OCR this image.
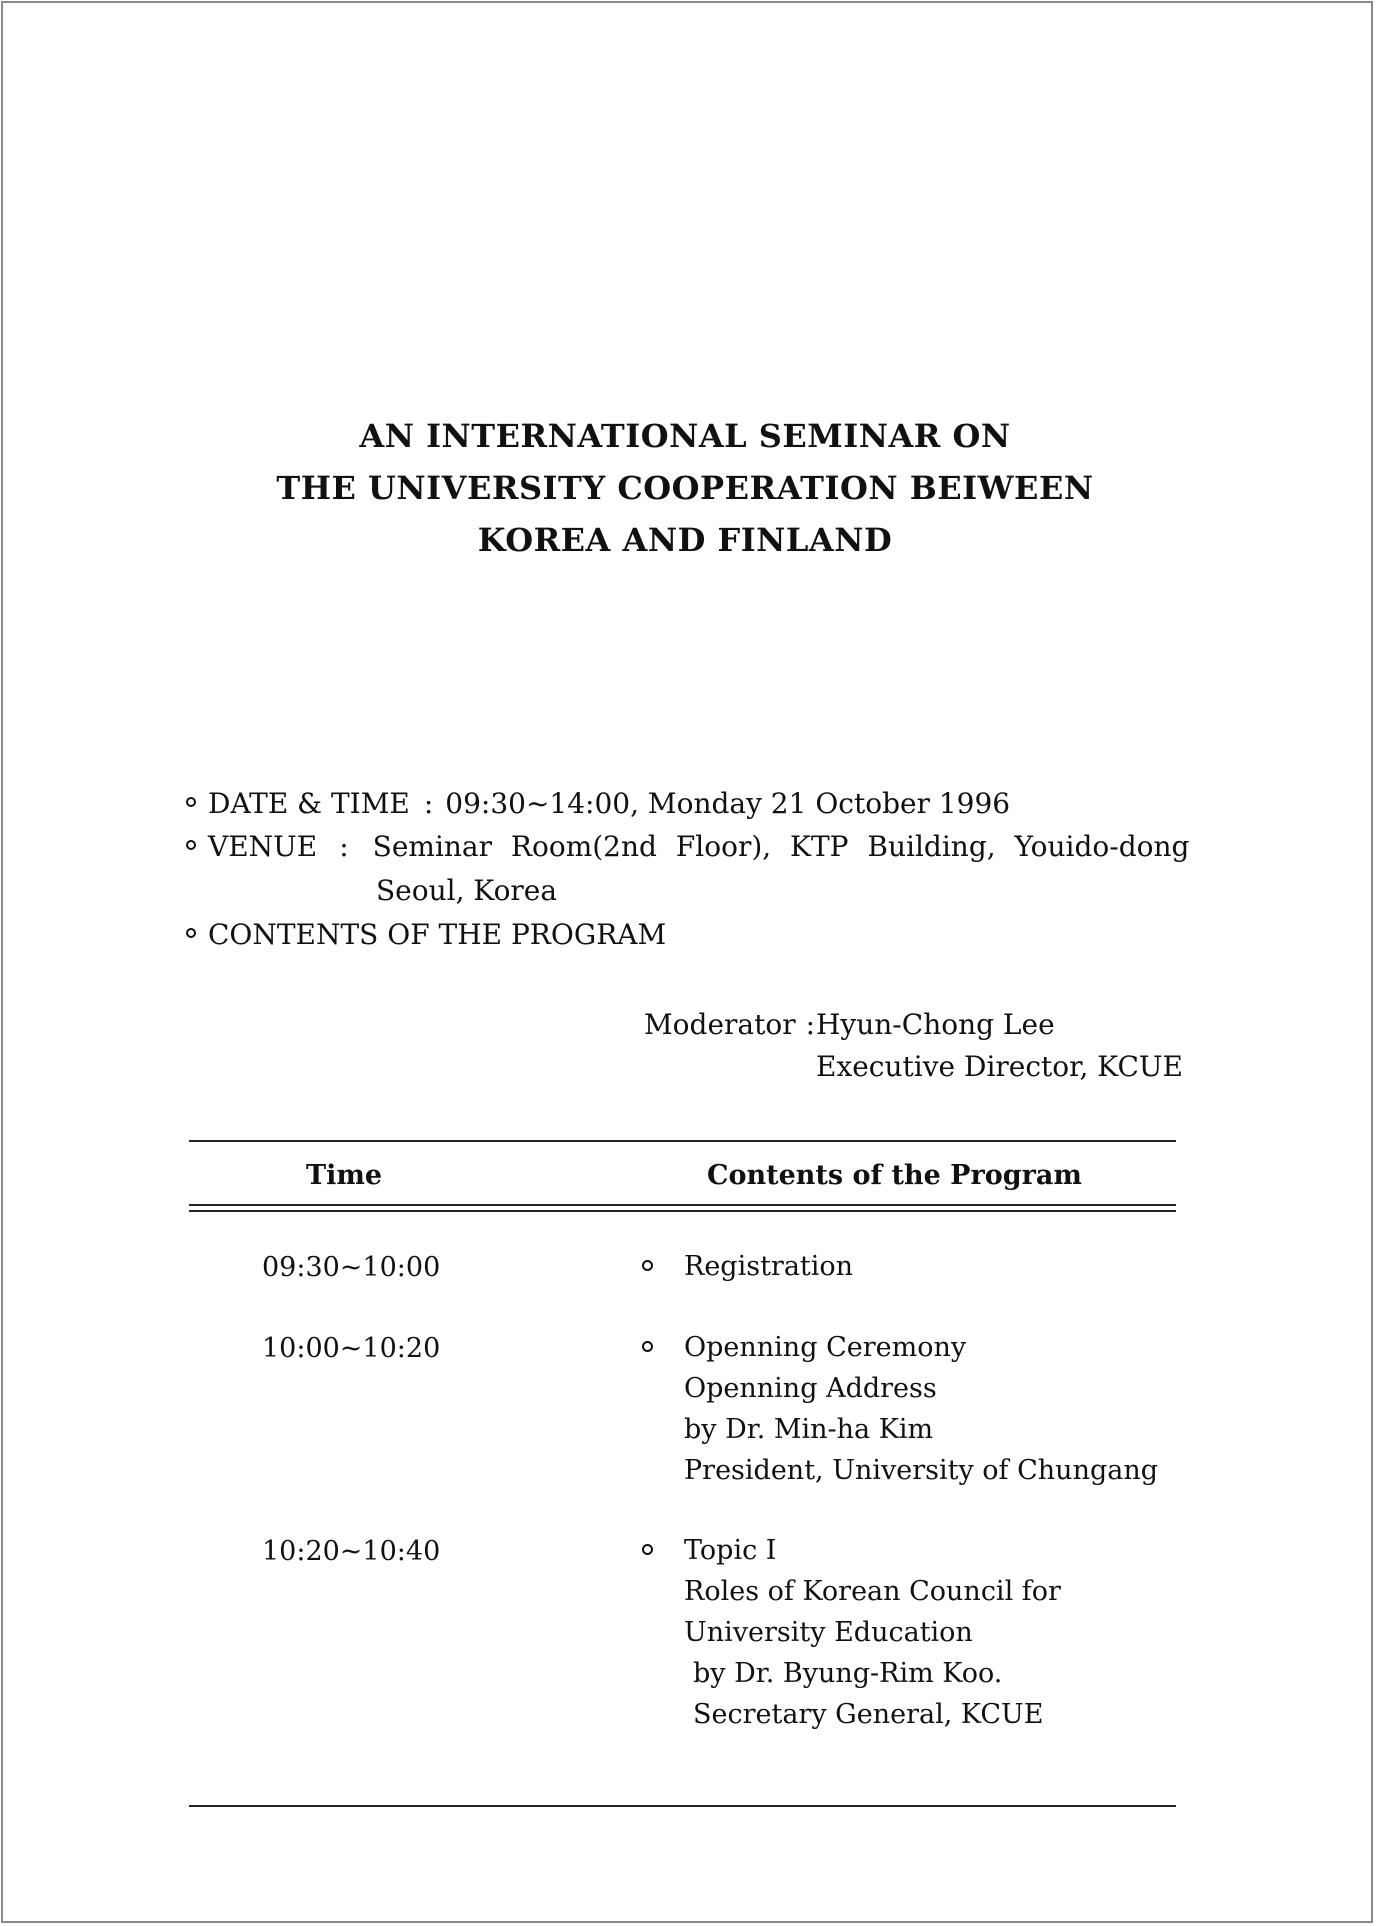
AN INTERNATIONAL SEMINAR ON
THE UNIVERSITY COOPERATION BEIWEEN
KOREA AND FINLAND
DATE & TIME : 09:30~14:00, Monday 21 October 1996
VENUE : Seminar Room(2nd Floor), KTP Building, Youido-dong
Seoul, Korea
CONTENTS OF THE PROGRAM
Moderator : Hyun-Chong Lee
Executive Director, KCUE
Time	Contents of the Program
09:30~10:00	Registration
10:00~10:20	Openning Ceremony
Openning Address
by Dr. Min-ha Kim
President, University of Chungang
10:20~10:40	Topic I
Roles of Korean Council for
University Education
by Dr. Byung-Rim Koo.
Secretary General, KCUE
